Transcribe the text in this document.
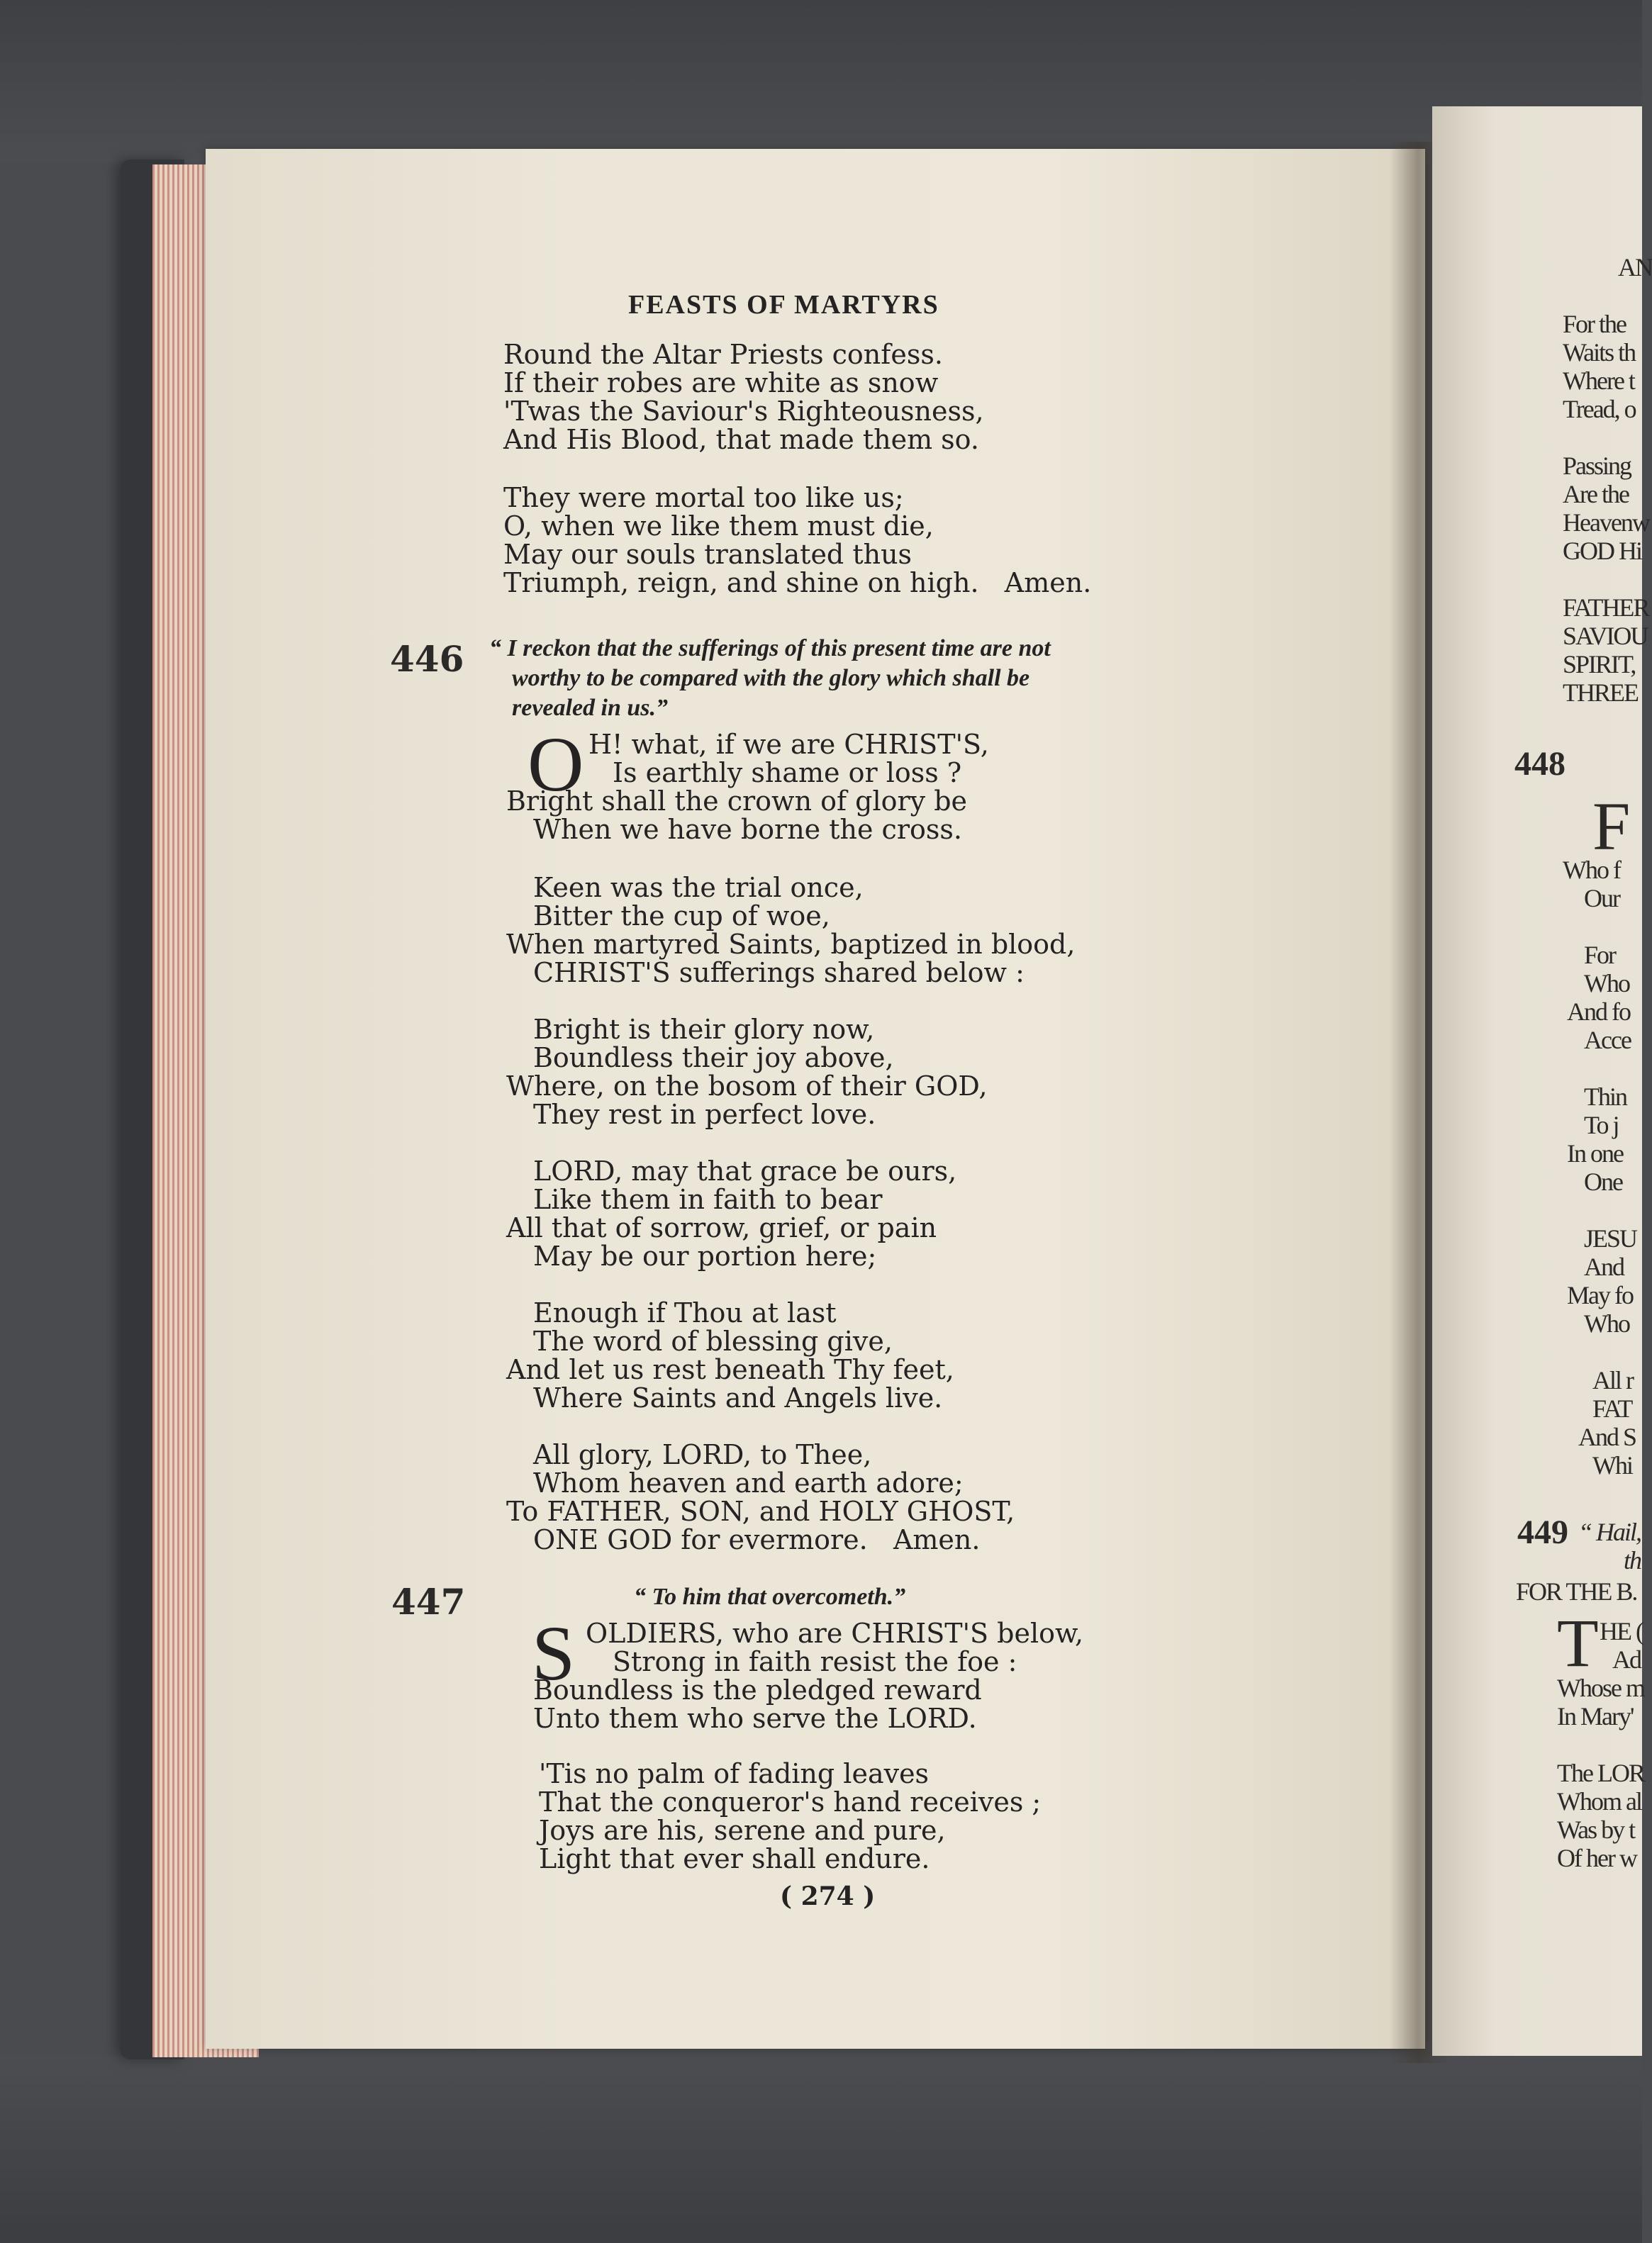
FEASTS OF MARTYRS
Round the Altar Priests confess.
If their robes are white as snow
'Twas the Saviour's Righteousness,
And His Blood, that made them so.
They were mortal too like us;
O, when we like them must die,
May our souls translated thus
Triumph, reign, and shine on high.   Amen.
446 “ I reckon that the sufferings of this present time are not
worthy to be compared with the glory which shall be
revealed in us.”
O H! what, if we are CHRIST'S,
Is earthly shame or loss ?
Bright shall the crown of glory be
When we have borne the cross.
Keen was the trial once,
Bitter the cup of woe,
When martyred Saints, baptized in blood,
CHRIST'S sufferings shared below :
Bright is their glory now,
Boundless their joy above,
Where, on the bosom of their GOD,
They rest in perfect love.
LORD, may that grace be ours,
Like them in faith to bear
All that of sorrow, grief, or pain
May be our portion here;
Enough if Thou at last
The word of blessing give,
And let us rest beneath Thy feet,
Where Saints and Angels live.
All glory, LORD, to Thee,
Whom heaven and earth adore;
To FATHER, SON, and HOLY GHOST,
ONE GOD for evermore.   Amen.
447	“ To him that overcometh.”
S OLDIERS, who are CHRIST'S below,
Strong in faith resist the foe :
Boundless is the pledged reward
Unto them who serve the LORD.
'Tis no palm of fading leaves
That the conqueror's hand receives ;
Joys are his, serene and pure,
Light that ever shall endure.
( 274 )
AN
For the
Waits th
Where t
Tread, o
Passing
Are the
Heavenw
GOD Hi
FATHER
SAVIOU
SPIRIT,
THREE
448
F
Who f
Our
For
Who
And fo
Acce
Thin
To j
In one
One
JESU
And
May fo
Who
All r
FAT
And S
Whi
449 “ Hail,
th
FOR THE B.
T HE (
Ad
Whose m
In Mary'
The LOR
Whom al
Was by t
Of her w
